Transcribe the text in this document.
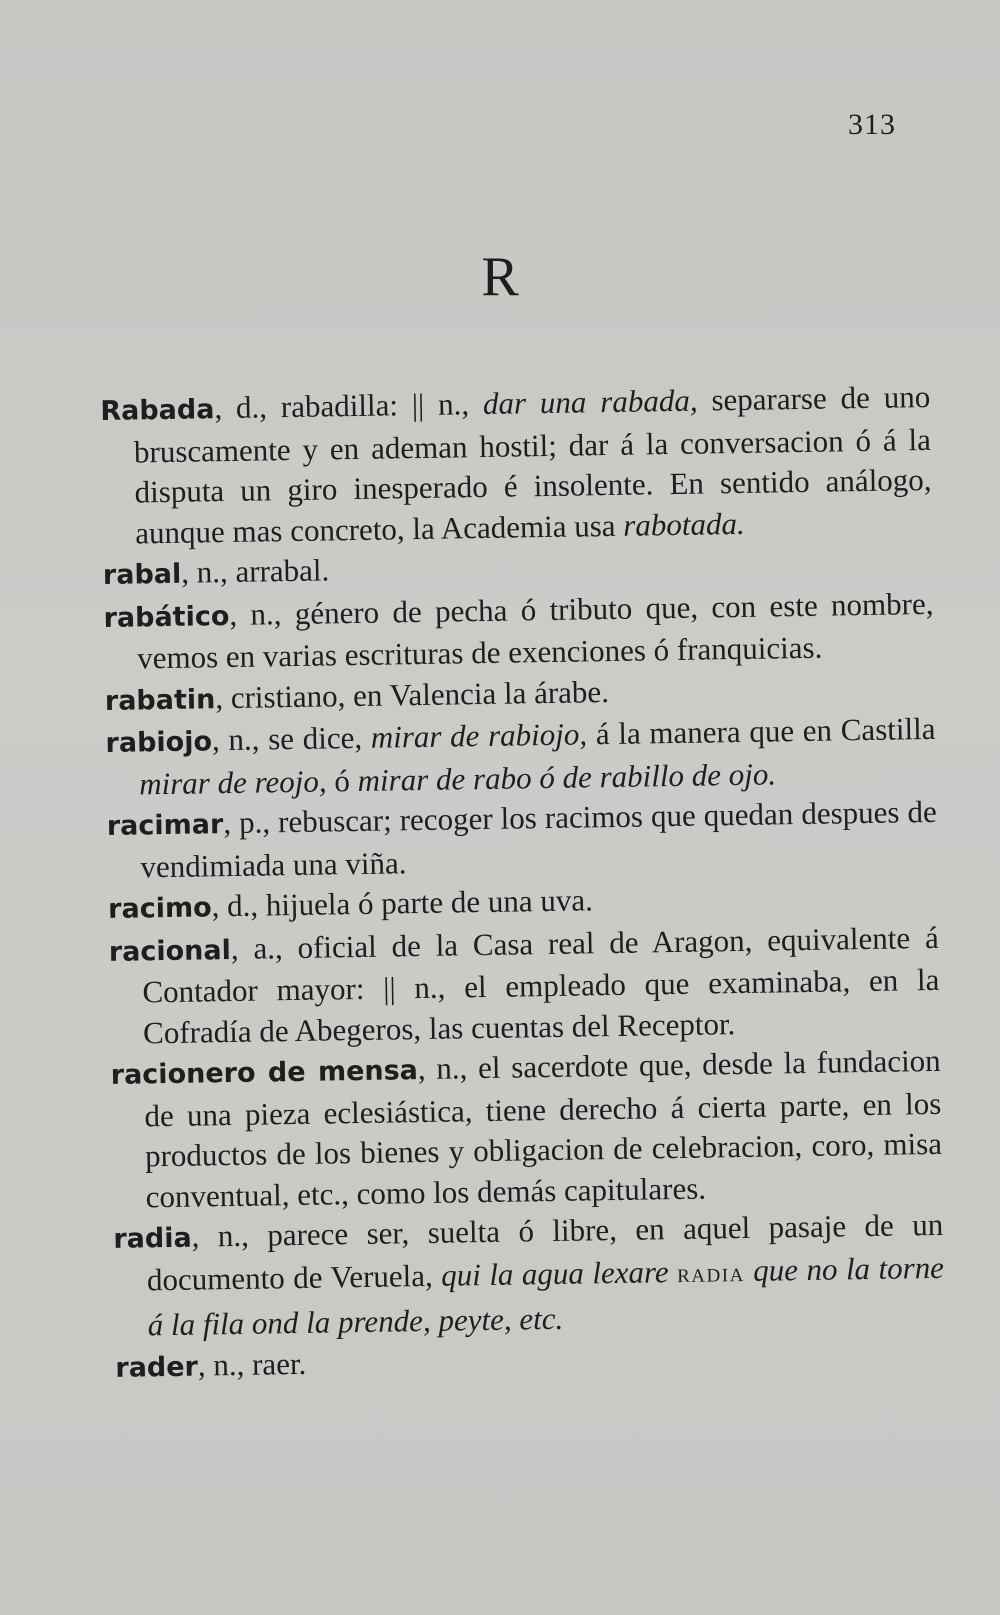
313
R

Rabada, d., rabadilla: || n., dar una rabada, separarse de uno bruscamente y en ademan hostil; dar á la conversacion ó á la disputa un giro inesperado é insolente. En sentido análogo, aunque mas concreto, la Academia usa rabotada.

rabal, n., arrabal.

rabático, n., género de pecha ó tributo que, con este nombre, vemos en varias escrituras de exenciones ó franquicias.

rabatin, cristiano, en Valencia la árabe.

rabiojo, n., se dice, mirar de rabiojo, á la manera que en Castilla mirar de reojo, ó mirar de rabo ó de rabillo de ojo.

racimar, p., rebuscar; recoger los racimos que quedan despues de vendimiada una viña.

racimo, d., hijuela ó parte de una uva.

racional, a., oficial de la Casa real de Aragon, equivalente á Contador mayor: || n., el empleado que examinaba, en la Cofradía de Abegeros, las cuentas del Receptor.

racionero de mensa, n., el sacerdote que, desde la fundacion de una pieza eclesiástica, tiene derecho á cierta parte, en los productos de los bienes y obligacion de celebracion, coro, misa conventual, etc., como los demás capitulares.

radia, n., parece ser, suelta ó libre, en aquel pasaje de un documento de Veruela, qui la agua lexare RADIA que no la torne á la fila ond la prende, peyte, etc.

rader, n., raer.
